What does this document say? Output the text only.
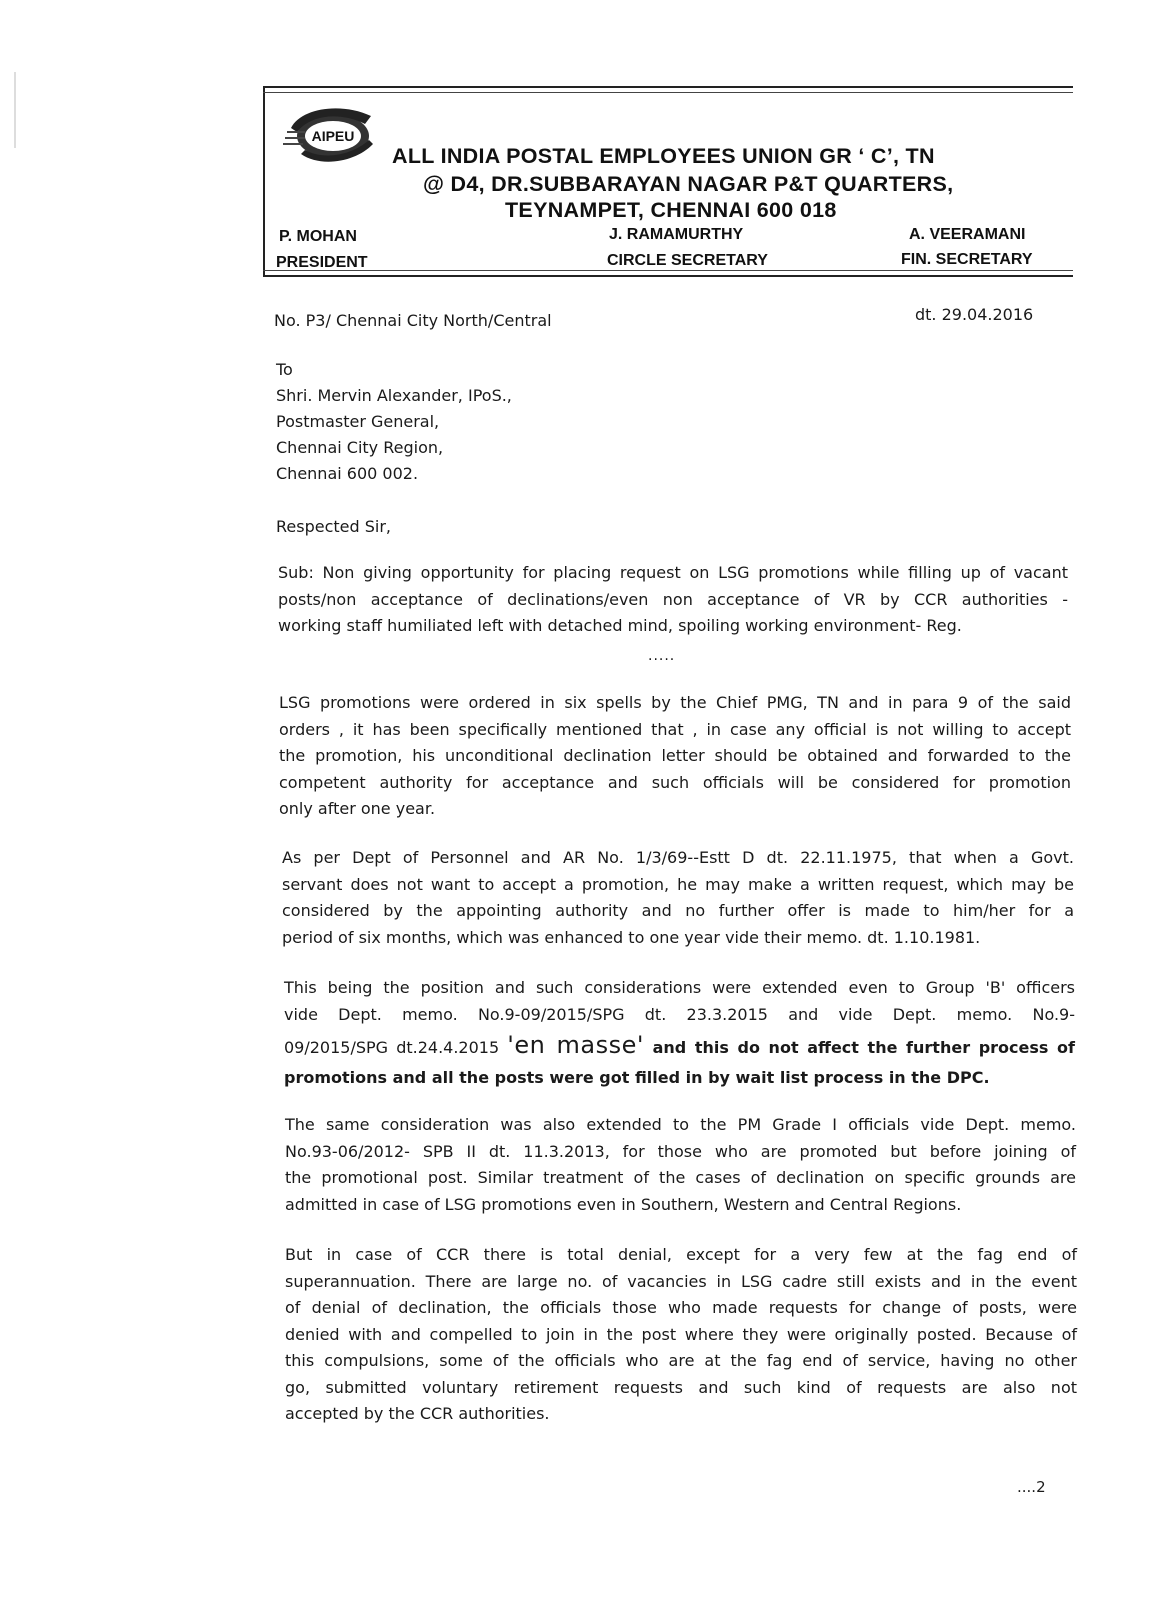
AIPEU
ALL INDIA POSTAL EMPLOYEES UNION GR ‘ C’, TN
@ D4, DR.SUBBARAYAN NAGAR P&T QUARTERS,
TEYNAMPET, CHENNAI 600 018
P. MOHAN
PRESIDENT
J. RAMAMURTHY
CIRCLE SECRETARY
A. VEERAMANI
FIN. SECRETARY
No. P3/ Chennai City North/Central	dt. 29.04.2016
To
Shri. Mervin Alexander, IPoS.,
Postmaster General,
Chennai City Region,
Chennai 600 002.
Respected Sir,
Sub: Non giving opportunity for placing request on LSG promotions while filling up of vacant
posts/non acceptance of declinations/even non acceptance of VR by CCR authorities -
working staff humiliated left with detached mind, spoiling working environment- Reg.
.....
LSG promotions were ordered in six spells by the Chief PMG, TN and in para 9 of the said
orders , it has been specifically mentioned that , in case any official is not willing to accept
the promotion, his unconditional declination letter should be obtained and forwarded to the
competent authority for acceptance and such officials will be considered for promotion
only after one year.
As per Dept of Personnel and AR No. 1/3/69--Estt D dt. 22.11.1975, that when a Govt.
servant does not want to accept a promotion, he may make a written request, which may be
considered by the appointing authority and no further offer is made to him/her for a
period of six months, which was enhanced to one year vide their memo. dt. 1.10.1981.
This being the position and such considerations were extended even to Group 'B' officers
vide Dept. memo. No.9-09/2015/SPG dt. 23.3.2015 and vide Dept. memo. No.9-
09/2015/SPG dt.24.4.2015 'en masse' and this do not affect the further process of
promotions and all the posts were got filled in by wait list process in the DPC.
The same consideration was also extended to the PM Grade I officials vide Dept. memo.
No.93-06/2012- SPB II dt. 11.3.2013, for those who are promoted but before joining of
the promotional post. Similar treatment of the cases of declination on specific grounds are
admitted in case of LSG promotions even in Southern, Western and Central Regions.
But in case of CCR there is total denial, except for a very few at the fag end of
superannuation. There are large no. of vacancies in LSG cadre still exists and in the event
of denial of declination, the officials those who made requests for change of posts, were
denied with and compelled to join in the post where they were originally posted. Because of
this compulsions, some of the officials who are at the fag end of service, having no other
go, submitted voluntary retirement requests and such kind of requests are also not
accepted by the CCR authorities.
....2
